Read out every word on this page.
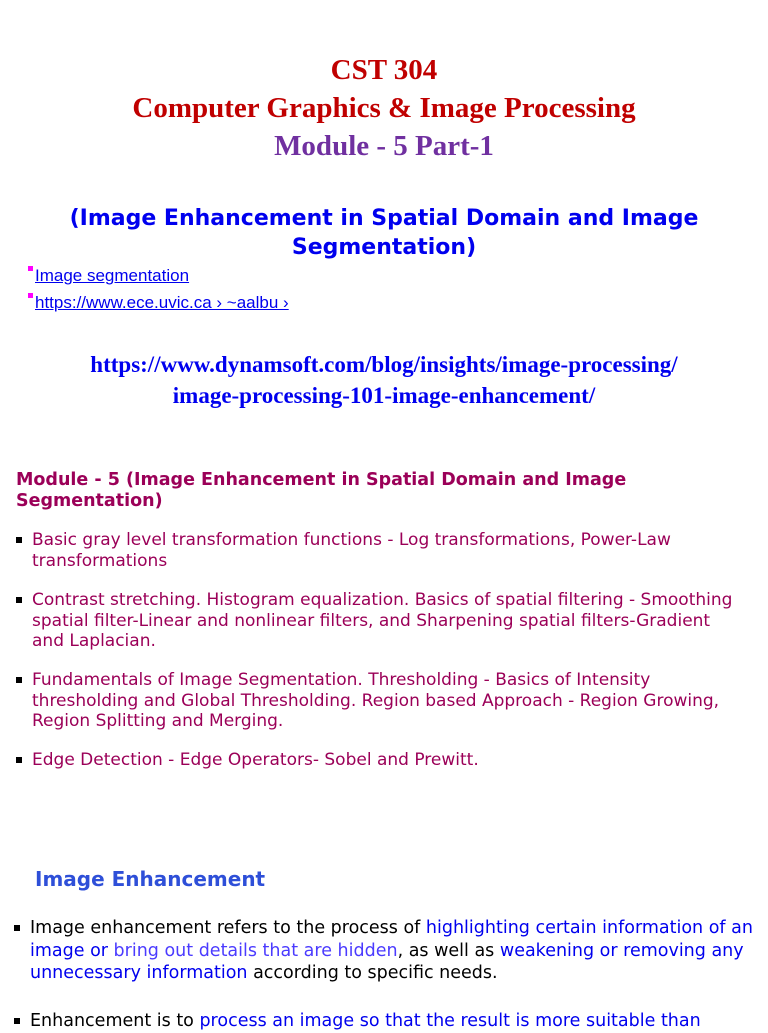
CST 304
Computer Graphics & Image Processing
Module - 5 Part-1
(Image Enhancement in Spatial Domain and Image Segmentation)
Image segmentation
https://www.ece.uvic.ca › ~aalbu ›
https://www.dynamsoft.com/blog/insights/image-processing/
image-processing-101-image-enhancement/
Module - 5 (Image Enhancement in Spatial Domain and Image Segmentation)
Basic gray level transformation functions - Log transformations, Power-Law transformations
Contrast stretching. Histogram equalization. Basics of spatial filtering - Smoothing spatial filter-Linear and nonlinear filters, and Sharpening spatial filters-Gradient and Laplacian.
Fundamentals of Image Segmentation. Thresholding - Basics of Intensity thresholding and Global Thresholding. Region based Approach - Region Growing, Region Splitting and Merging.
Edge Detection - Edge Operators- Sobel and Prewitt.
Image Enhancement
Image enhancement refers to the process of highlighting certain information of an image or bring out details that are hidden, as well as weakening or removing any unnecessary information according to specific needs.
Enhancement is to process an image so that the result is more suitable than
